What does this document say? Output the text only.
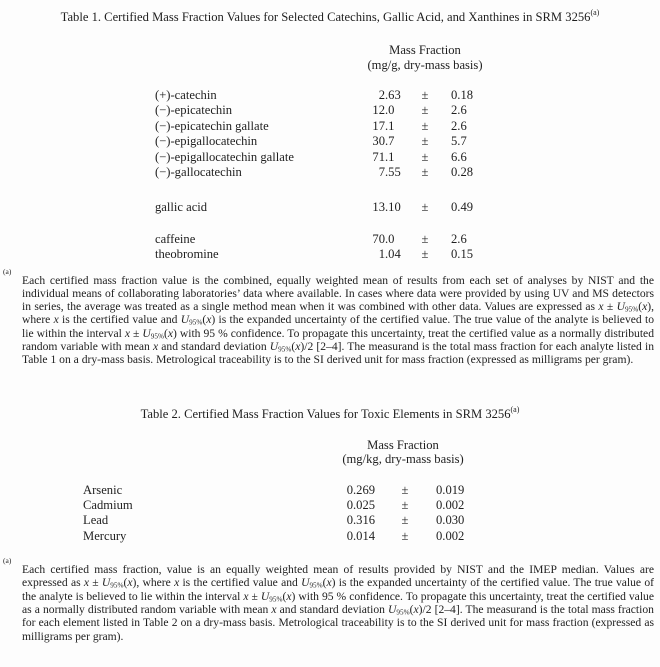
Table 1. Certified Mass Fraction Values for Selected Catechins, Gallic Acid, and Xanthines in SRM 3256$^{(a)}$
Mass Fraction
(mg/g, dry-mass basis)
(+)-catechin	2 .63	±	0.18
(−)-epicatechin	12 .0	±	2.6
(−)-epicatechin gallate	17 .1	±	2.6
(−)-epigallocatechin	30 .7	±	5.7
(−)-epigallocatechin gallate	71 .1	±	6.6
(−)-gallocatechin	7 .55	±	0.28
gallic acid	13 .10	±	0.49
caffeine	70 .0	±	2.6
theobromine	1 .04	±	0.15
(a)
Each certified mass fraction value is the combined, equally weighted mean of results from each set of analyses by NIST and the individual means of collaborating laboratories’ data where available. In cases where data were provided by using UV and MS detectors in series, the average was treated as a single method mean when it was combined with other data. Values are expressed as $x \pm U_{95\%}(x)$, where x is the certified value and $U_{95\%}(x)$ is the expanded uncertainty of the certified value. The true value of the analyte is believed to lie within the interval $x \pm U_{95\%}(x)$ with 95 % confidence. To propagate this uncertainty, treat the certified value as a normally distributed random variable with mean x and standard deviation $U_{95\%}(x)/2$ [2–4]. The measurand is the total mass fraction for each analyte listed in Table 1 on a dry-mass basis. Metrological traceability is to the SI derived unit for mass fraction (expressed as milligrams per gram).
Table 2. Certified Mass Fraction Values for Toxic Elements in SRM 3256$^{(a)}$
Mass Fraction
(mg/kg, dry-mass basis)
Arsenic	0 .269	±	0.019
Cadmium	0 .025	±	0.002
Lead	0 .316	±	0.030
Mercury	0 .014	±	0.002
(a)
Each certified mass fraction, value is an equally weighted mean of results provided by NIST and the IMEP median. Values are expressed as $x \pm U_{95\%}(x)$, where x is the certified value and $U_{95\%}(x)$ is the expanded uncertainty of the certified value. The true value of the analyte is believed to lie within the interval $x \pm U_{95\%}(x)$ with 95 % confidence. To propagate this uncertainty, treat the certified value as a normally distributed random variable with mean x and standard deviation $U_{95\%}(x)/2$ [2–4]. The measurand is the total mass fraction for each element listed in Table 2 on a dry-mass basis. Metrological traceability is to the SI derived unit for mass fraction (expressed as milligrams per gram).
